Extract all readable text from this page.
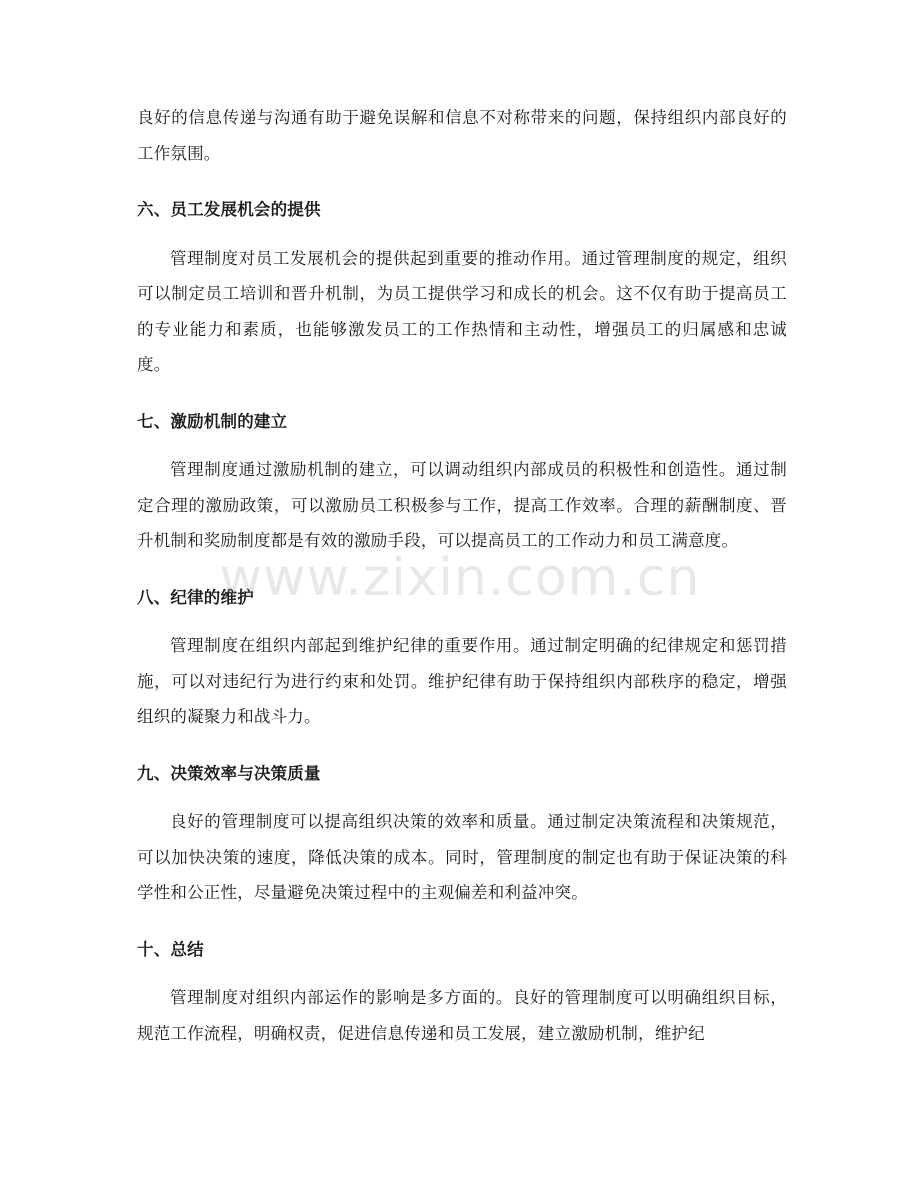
良好的信息传递与沟通有助于避免误解和信息不对称带来的问题，保持组织内部良好的工作氛围。

六、员工发展机会的提供

管理制度对员工发展机会的提供起到重要的推动作用。通过管理制度的规定，组织可以制定员工培训和晋升机制，为员工提供学习和成长的机会。这不仅有助于提高员工的专业能力和素质，也能够激发员工的工作热情和主动性，增强员工的归属感和忠诚度。

七、激励机制的建立

管理制度通过激励机制的建立，可以调动组织内部成员的积极性和创造性。通过制定合理的激励政策，可以激励员工积极参与工作，提高工作效率。合理的薪酬制度、晋升机制和奖励制度都是有效的激励手段，可以提高员工的工作动力和员工满意度。

八、纪律的维护

管理制度在组织内部起到维护纪律的重要作用。通过制定明确的纪律规定和惩罚措施，可以对违纪行为进行约束和处罚。维护纪律有助于保持组织内部秩序的稳定，增强组织的凝聚力和战斗力。

九、决策效率与决策质量

良好的管理制度可以提高组织决策的效率和质量。通过制定决策流程和决策规范，可以加快决策的速度，降低决策的成本。同时，管理制度的制定也有助于保证决策的科学性和公正性，尽量避免决策过程中的主观偏差和利益冲突。

十、总结

管理制度对组织内部运作的影响是多方面的。良好的管理制度可以明确组织目标，规范工作流程，明确权责，促进信息传递和员工发展，建立激励机制，维护纪

www.zixin.com.cn
